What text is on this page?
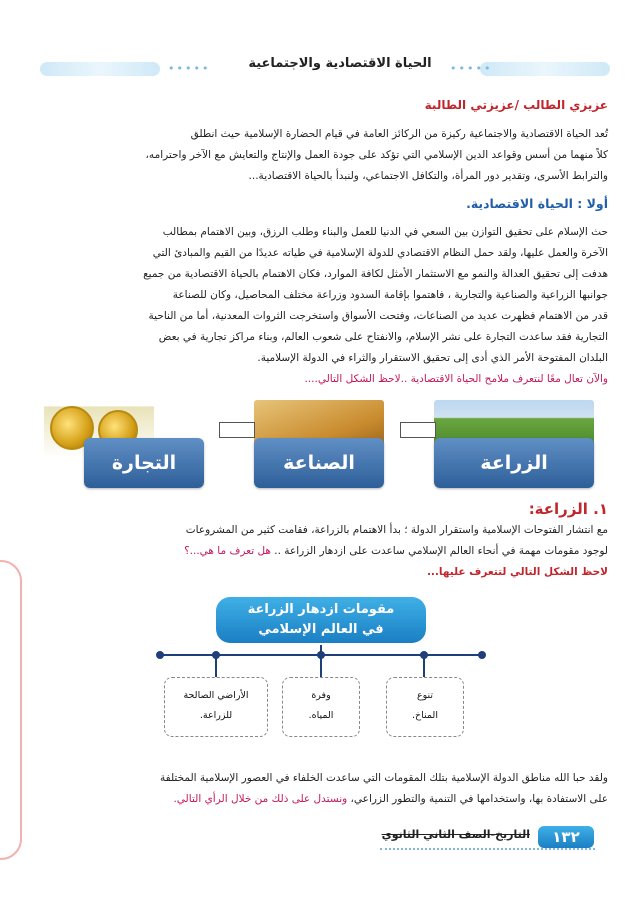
•••••	•••••
الحياة الاقتصادية والاجتماعية
عزيزي الطالب /عزيزتي الطالبة
تُعد الحياة الاقتصادية والاجتماعية ركيزة من الركائز العامة في قيام الحضارة الإسلامية حيث انطلق
كلاً منهما من أسس وقواعد الدين الإسلامي التي تؤكد على جودة العمل والإنتاج والتعايش مع الآخر واحترامه،
والترابط الأسرى، وتقدير دور المرأة، والتكافل الاجتماعي، ولنبدأ بالحياة الاقتصادية...
أولا : الحياة الاقتصادية.
حث الإسلام على تحقيق التوازن بين السعي في الدنيا للعمل والبناء وطلب الرزق، وبين الاهتمام بمطالب
الآخرة والعمل عليها، ولقد حمل النظام الاقتصادي للدولة الإسلامية في طياته عديدًا من القيم والمبادئ التي
هدفت إلى تحقيق العدالة والنمو مع الاستثمار الأمثل لكافة الموارد، فكان الاهتمام بالحياة الاقتصادية من جميع
جوانبها الزراعية والصناعية والتجارية ، فاهتموا بإقامة السدود وزراعة مختلف المحاصيل، وكان للصناعة
قدر من الاهتمام فظهرت عديد من الصناعات، وفتحت الأسواق واستخرجت الثروات المعدنية، أما من الناحية
التجارية فقد ساعدت التجارة على نشر الإسلام، والانفتاح على شعوب العالم، وبناء مراكز تجارية في بعض
البلدان المفتوحة الأمر الذي أدى إلى تحقيق الاستقرار والثراء في الدولة الإسلامية.
والآن تعال معًا لنتعرف ملامح الحياة الاقتصادية ..لاحظ الشكل التالي....
الزراعة
الصناعة
التجارة
١. الزراعة:
مع انتشار الفتوحات الإسلامية واستقرار الدولة ؛ بدأ الاهتمام بالزراعة، فقامت كثير من المشروعات
لوجود مقومات مهمة في أنحاء العالم الإسلامي ساعدت على ازدهار الزراعة .. هل تعرف ما هي...؟
لاحظ الشكل التالي لتتعرف عليها...
مقومات ازدهار الزراعة
في العالم الإسلامي
تنوع
المناخ.
وفرة
المياه.
الأراضي الصالحة
للزراعة.
ولقد حبا الله مناطق الدولة الإسلامية بتلك المقومات التي ساعدت الخلفاء في العصور الإسلامية المختلفة
على الاستفادة بها، واستخدامها في التنمية والتطور الزراعي، ونستدل على ذلك من خلال الرأي التالي.
١٣٢
التاريخ-الصف الثاني الثانوي
